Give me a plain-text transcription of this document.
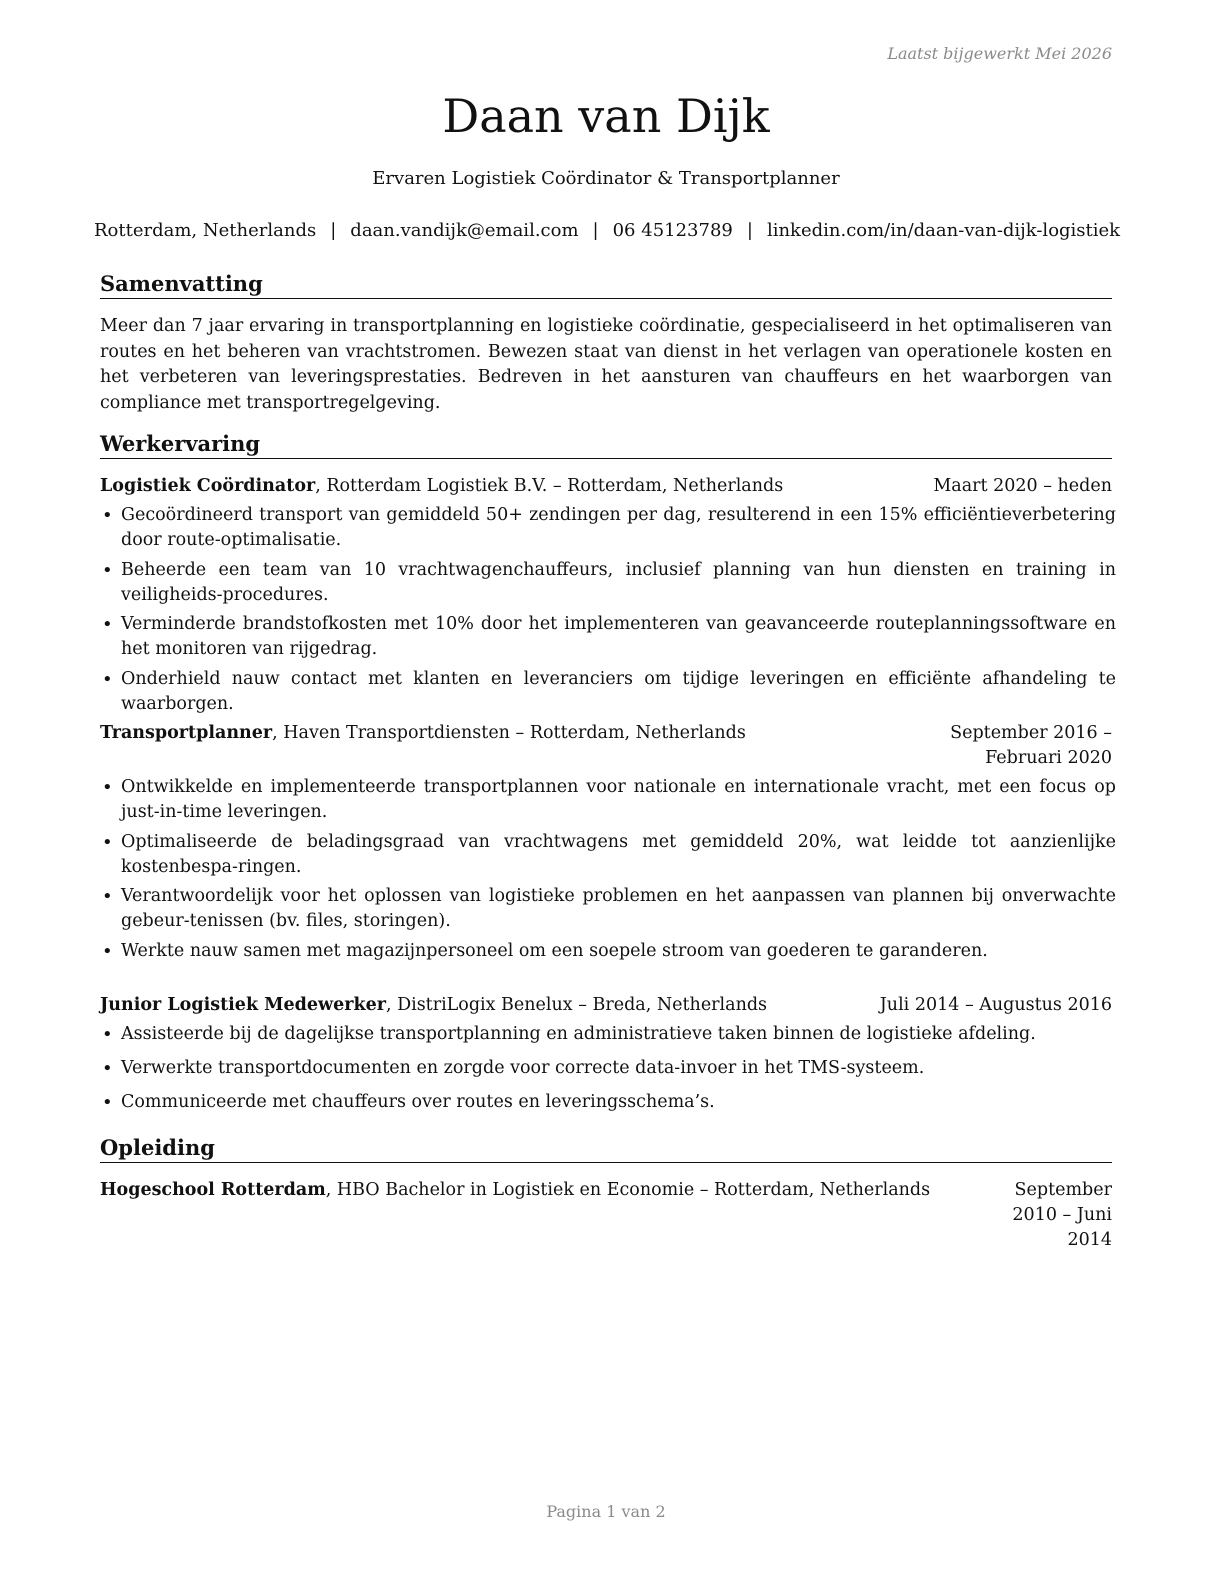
Laatst bijgewerkt Mei 2026
Daan van Dijk
Ervaren Logistiek Coördinator & Transportplanner
Rotterdam, Netherlands | daan.vandijk@email.com | 06 45123789 | linkedin.com/in/daan-van-dijk-logistiek
Samenvatting
Meer dan 7 jaar ervaring in transportplanning en logistieke coördinatie, gespecialiseerd in het optimaliseren van routes en het beheren van vrachtstromen. Bewezen staat van dienst in het verlagen van operationele kosten en het verbeteren van leveringsprestaties. Bedreven in het aansturen van chauffeurs en het waarborgen van compliance met transportregelgeving.
Werkervaring
Logistiek Coördinator, Rotterdam Logistiek B.V. – Rotterdam, Netherlands	Maart 2020 – heden
• Gecoördineerd transport van gemiddeld 50+ zendingen per dag, resulterend in een 15% efficiëntieverbetering door route-optimalisatie.
• Beheerde een team van 10 vrachtwagenchauffeurs, inclusief planning van hun diensten en training in veiligheids-procedures.
• Verminderde brandstofkosten met 10% door het implementeren van geavanceerde routeplanningssoftware en het monitoren van rijgedrag.
• Onderhield nauw contact met klanten en leveranciers om tijdige leveringen en efficiënte afhandeling te waarborgen.
Transportplanner, Haven Transportdiensten – Rotterdam, Netherlands	September 2016 – Februari 2020
• Ontwikkelde en implementeerde transportplannen voor nationale en internationale vracht, met een focus op just-in-time leveringen.
• Optimaliseerde de beladingsgraad van vrachtwagens met gemiddeld 20%, wat leidde tot aanzienlijke kostenbespa-ringen.
• Verantwoordelijk voor het oplossen van logistieke problemen en het aanpassen van plannen bij onverwachte gebeur-tenissen (bv. files, storingen).
• Werkte nauw samen met magazijnpersoneel om een soepele stroom van goederen te garanderen.
Junior Logistiek Medewerker, DistriLogix Benelux – Breda, Netherlands	Juli 2014 – Augustus 2016
• Assisteerde bij de dagelijkse transportplanning en administratieve taken binnen de logistieke afdeling.
• Verwerkte transportdocumenten en zorgde voor correcte data-invoer in het TMS-systeem.
• Communiceerde met chauffeurs over routes en leveringsschema’s.
Opleiding
Hogeschool Rotterdam, HBO Bachelor in Logistiek en Economie – Rotterdam, Netherlands	September 2010 – Juni 2014
Pagina 1 van 2
